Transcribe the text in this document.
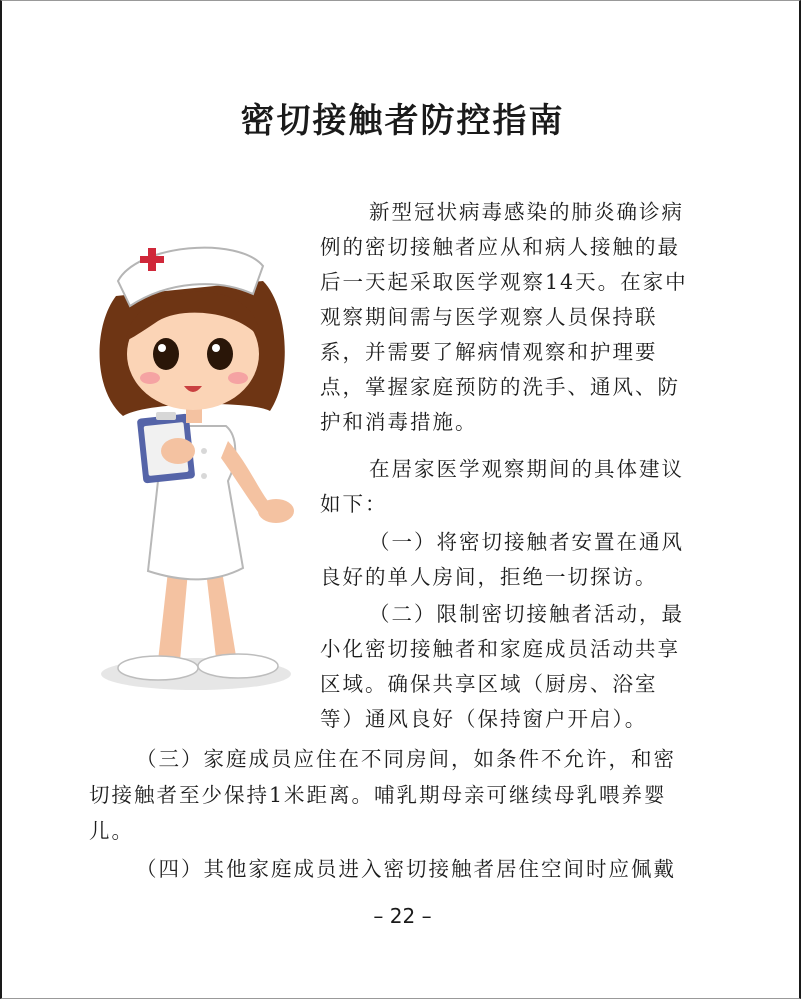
密切接触者防控指南

新型冠状病毒感染的肺炎确诊病

例的密切接触者应从和病人接触的最

后一天起采取医学观察14天。在家中

观察期间需与医学观察人员保持联

系，并需要了解病情观察和护理要

点，掌握家庭预防的洗手、通风、防

护和消毒措施。

在居家医学观察期间的具体建议

如下：

（一）将密切接触者安置在通风

良好的单人房间，拒绝一切探访。

（二）限制密切接触者活动，最

小化密切接触者和家庭成员活动共享

区域。确保共享区域（厨房、浴室

等）通风良好（保持窗户开启）。

（三）家庭成员应住在不同房间，如条件不允许，和密

切接触者至少保持1米距离。哺乳期母亲可继续母乳喂养婴

儿。

（四）其他家庭成员进入密切接触者居住空间时应佩戴

– 22 –
